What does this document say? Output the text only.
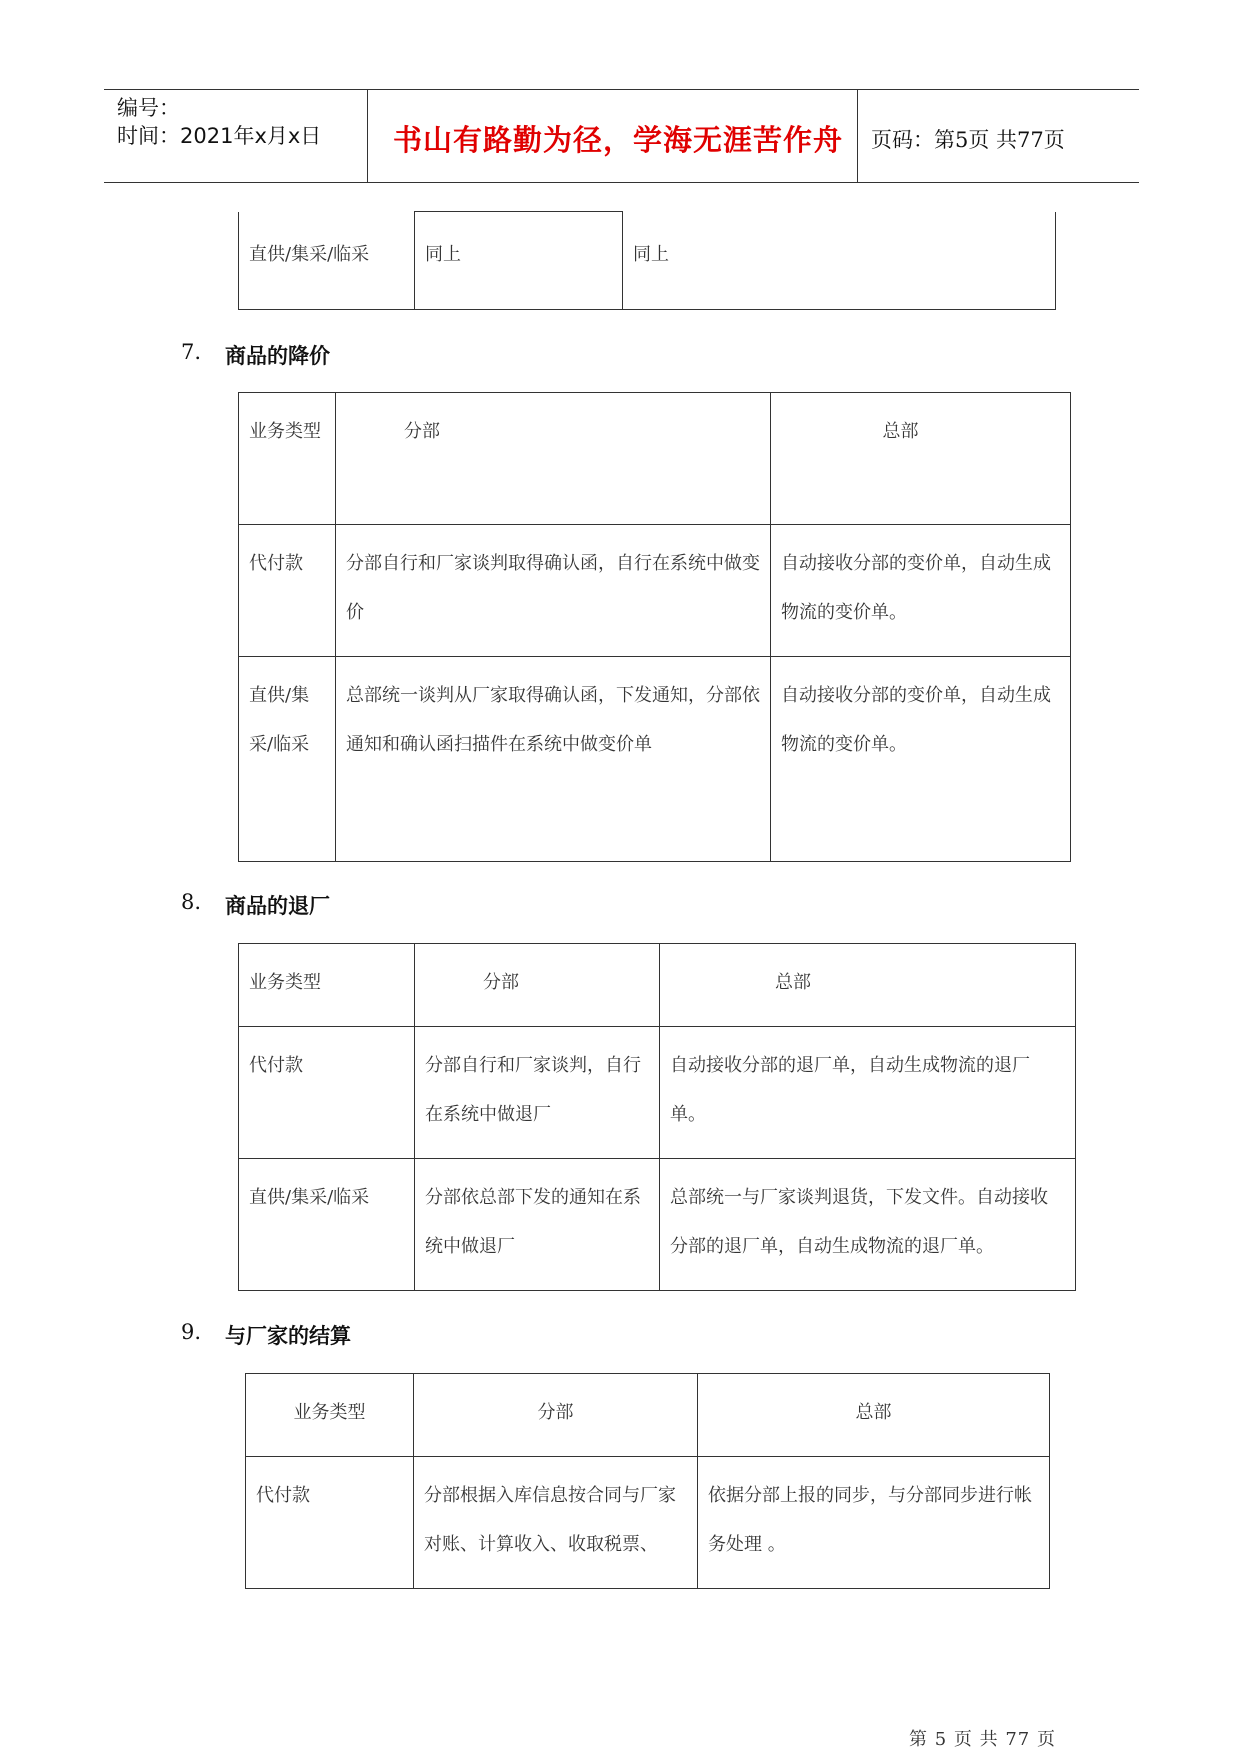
编号：
时间：2021年x月x日 书山有路勤为径，学海无涯苦作舟 页码：第5页 共77页
直供/集采/临采	同上	同上
7. 商品的降价
业务类型	分部	总部
代付款	分部自行和厂家谈判取得确认函，自行在系统中做变价	自动接收分部的变价单，自动生成物流的变价单。
直供/集采/临采	总部统一谈判从厂家取得确认函，下发通知，分部依通知和确认函扫描件在系统中做变价单	自动接收分部的变价单，自动生成物流的变价单。
8. 商品的退厂
业务类型	分部	总部
代付款	分部自行和厂家谈判，自行在系统中做退厂	自动接收分部的退厂单，自动生成物流的退厂单。
直供/集采/临采	分部依总部下发的通知在系统中做退厂	总部统一与厂家谈判退货，下发文件。自动接收分部的退厂单，自动生成物流的退厂单。
9. 与厂家的结算
业务类型	分部	总部
代付款	分部根据入库信息按合同与厂家对账、计算收入、收取税票、	依据分部上报的同步，与分部同步进行帐务处理 。
第 5 页 共 77 页
